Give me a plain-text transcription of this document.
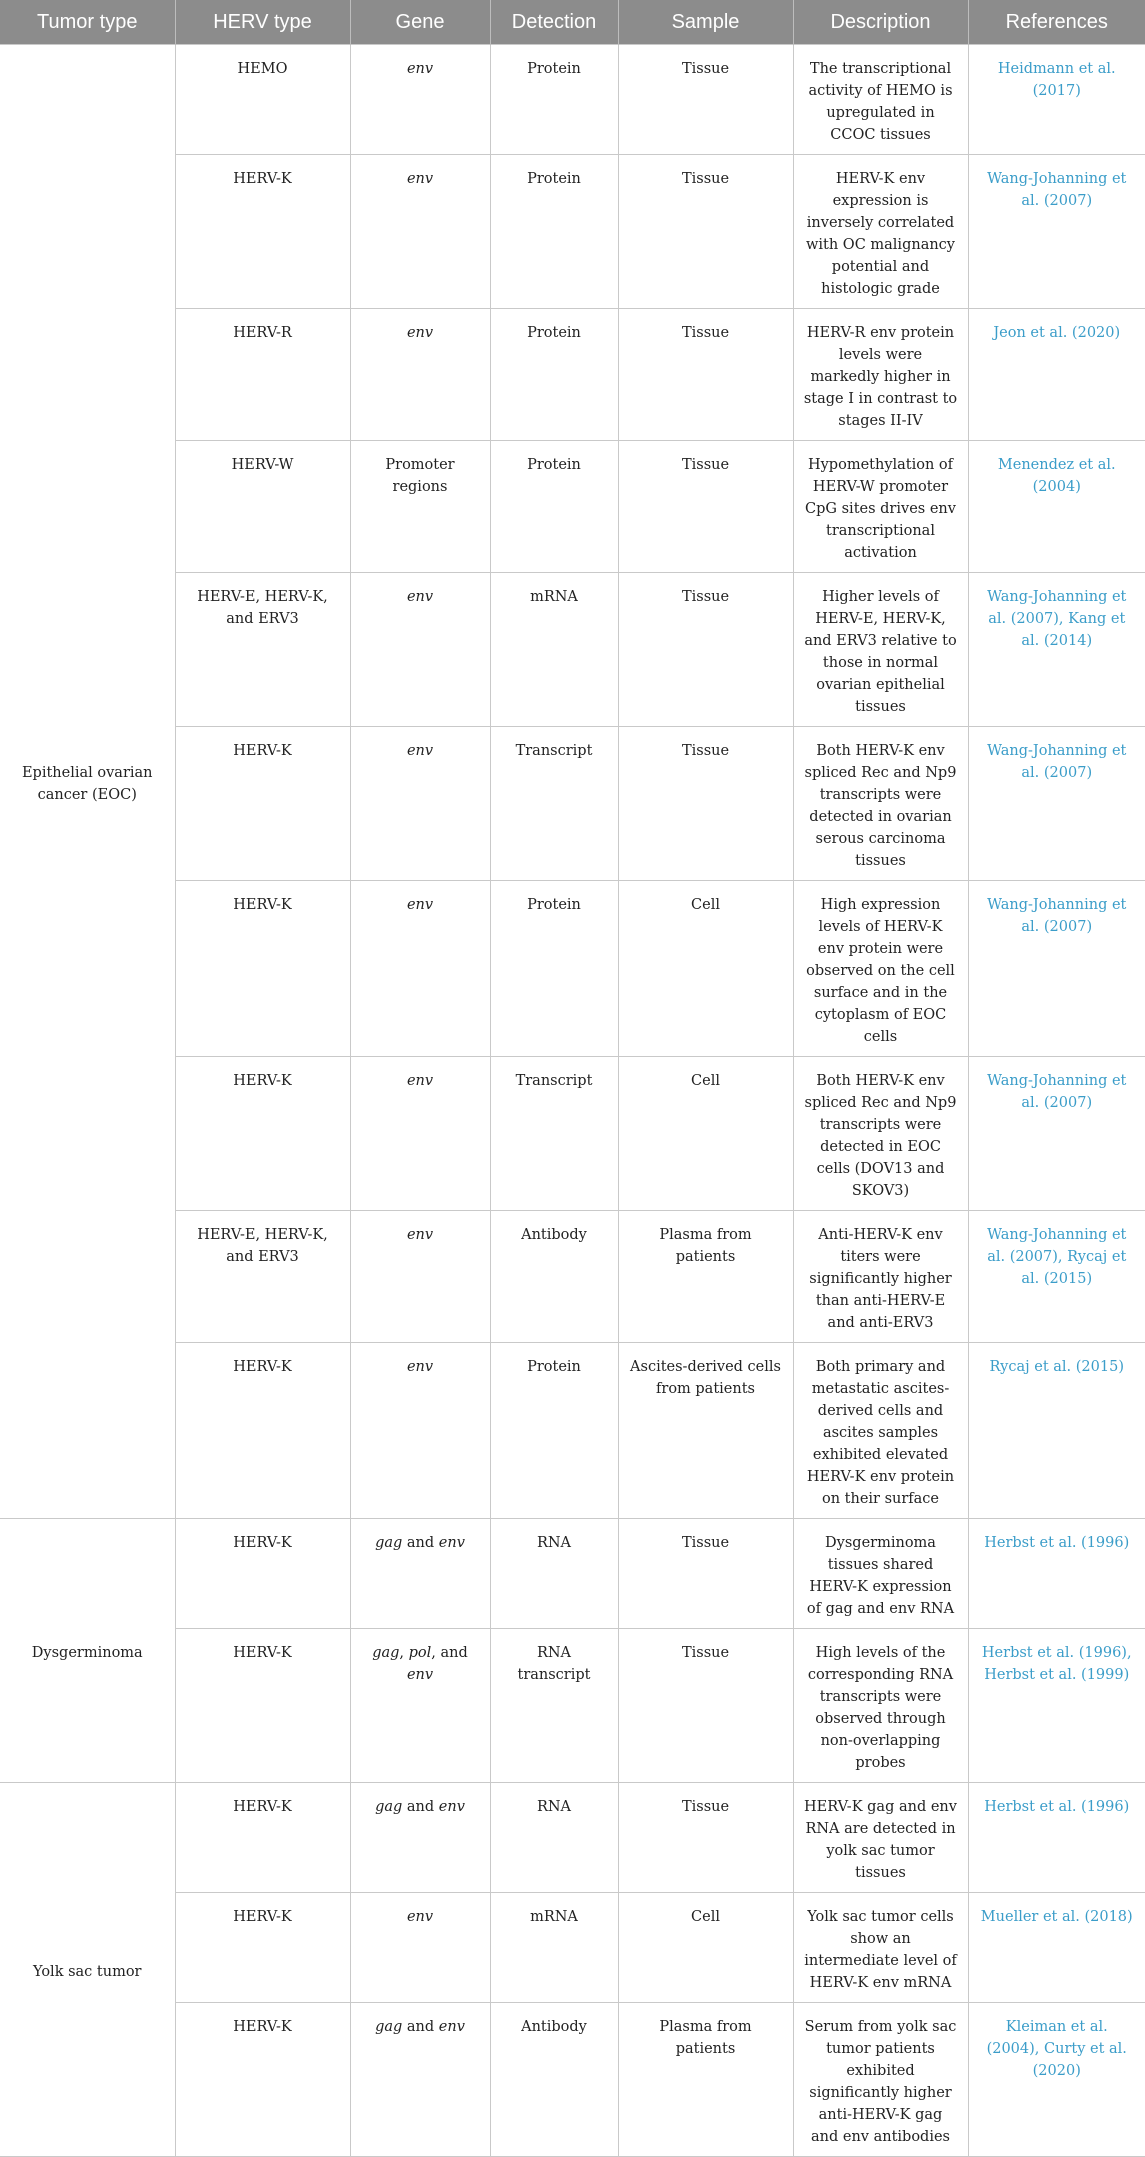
Tumor type	HERV type	Gene	Detection	Sample	Description	References
Epithelial ovarian cancer (EOC)	HEMO	env	Protein	Tissue	The transcriptional activity of HEMO is upregulated in CCOC tissues	Heidmann et al. (2017)
	HERV-K	env	Protein	Tissue	HERV-K env expression is inversely correlated with OC malignancy potential and histologic grade	Wang-Johanning et al. (2007)
	HERV-R	env	Protein	Tissue	HERV-R env protein levels were markedly higher in stage I in contrast to stages II-IV	Jeon et al. (2020)
	HERV-W	Promoter regions	Protein	Tissue	Hypomethylation of HERV-W promoter CpG sites drives env transcriptional activation	Menendez et al. (2004)
	HERV-E, HERV-K, and ERV3	env	mRNA	Tissue	Higher levels of HERV-E, HERV-K, and ERV3 relative to those in normal ovarian epithelial tissues	Wang-Johanning et al. (2007), Kang et al. (2014)
	HERV-K	env	Transcript	Tissue	Both HERV-K env spliced Rec and Np9 transcripts were detected in ovarian serous carcinoma tissues	Wang-Johanning et al. (2007)
	HERV-K	env	Protein	Cell	High expression levels of HERV-K env protein were observed on the cell surface and in the cytoplasm of EOC cells	Wang-Johanning et al. (2007)
	HERV-K	env	Transcript	Cell	Both HERV-K env spliced Rec and Np9 transcripts were detected in EOC cells (DOV13 and SKOV3)	Wang-Johanning et al. (2007)
	HERV-E, HERV-K, and ERV3	env	Antibody	Plasma from patients	Anti-HERV-K env titers were significantly higher than anti-HERV-E and anti-ERV3	Wang-Johanning et al. (2007), Rycaj et al. (2015)
	HERV-K	env	Protein	Ascites-derived cells from patients	Both primary and metastatic ascites-derived cells and ascites samples exhibited elevated HERV-K env protein on their surface	Rycaj et al. (2015)
Dysgerminoma	HERV-K	gag and env	RNA	Tissue	Dysgerminoma tissues shared HERV-K expression of gag and env RNA	Herbst et al. (1996)
	HERV-K	gag, pol, and env	RNA transcript	Tissue	High levels of the corresponding RNA transcripts were observed through non-overlapping probes	Herbst et al. (1996), Herbst et al. (1999)
Yolk sac tumor	HERV-K	gag and env	RNA	Tissue	HERV-K gag and env RNA are detected in yolk sac tumor tissues	Herbst et al. (1996)
	HERV-K	env	mRNA	Cell	Yolk sac tumor cells show an intermediate level of HERV-K env mRNA	Mueller et al. (2018)
	HERV-K	gag and env	Antibody	Plasma from patients	Serum from yolk sac tumor patients exhibited significantly higher anti-HERV-K gag and env antibodies	Kleiman et al. (2004), Curty et al. (2020)
